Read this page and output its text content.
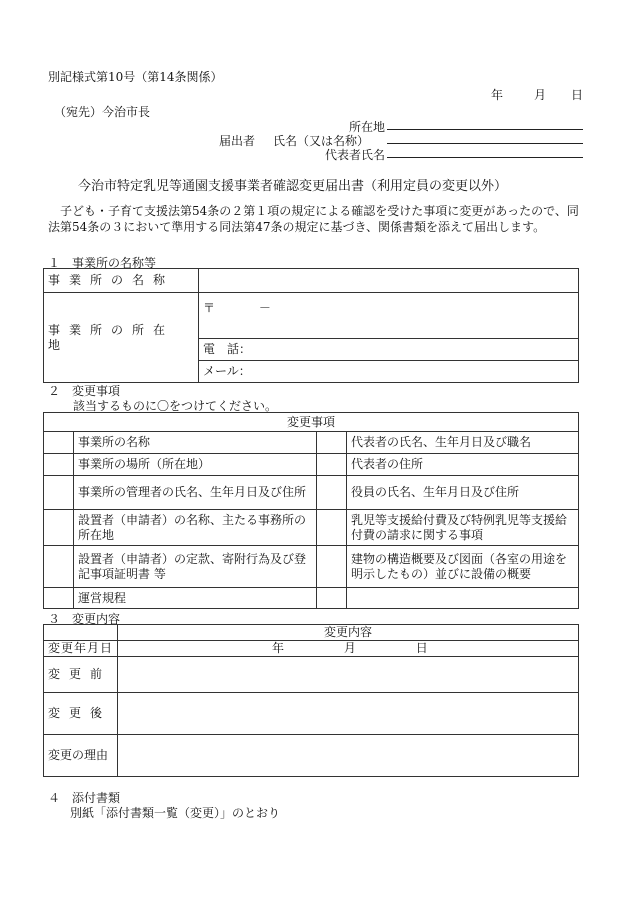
別記様式第10号（第14条関係）
年	月 日
（宛先）今治市長
所在地
届出者 氏名（又は名称）
代表者氏名
今治市特定乳児等通園支援事業者確認変更届出書（利用定員の変更以外）
子ども・子育て支援法第54条の２第１項の規定による確認を受けた事項に変更があったので、同法第54条の３において準用する同法第47条の規定に基づき、関係書類を添えて届出します。
１　事業所の名称等
事業所の名称	
事業所の所在地	〒 －
	電　話：
	メール：
２　変更事項
該当するものに〇をつけてください。
変更事項			
	事業所の名称		代表者の氏名、生年月日及び職名
	事業所の場所（所在地）		代表者の住所
	事業所の管理者の氏名、生年月日及び住所		役員の氏名、生年月日及び住所
	設置者（申請者）の名称、主たる事務所の所在地		乳児等支援給付費及び特例乳児等支援給付費の請求に関する事項
	設置者（申請者）の定款、寄附行為及び登記事項証明書 等		建物の構造概要及び図面（各室の用途を明示したもの）並びに設備の概要
	運営規程		
３　変更内容
	変更内容
変更年月日	年 月 日
変更前	
変更後	
変更の理由	
４　添付書類
別紙「添付書類一覧（変更）」のとおり
